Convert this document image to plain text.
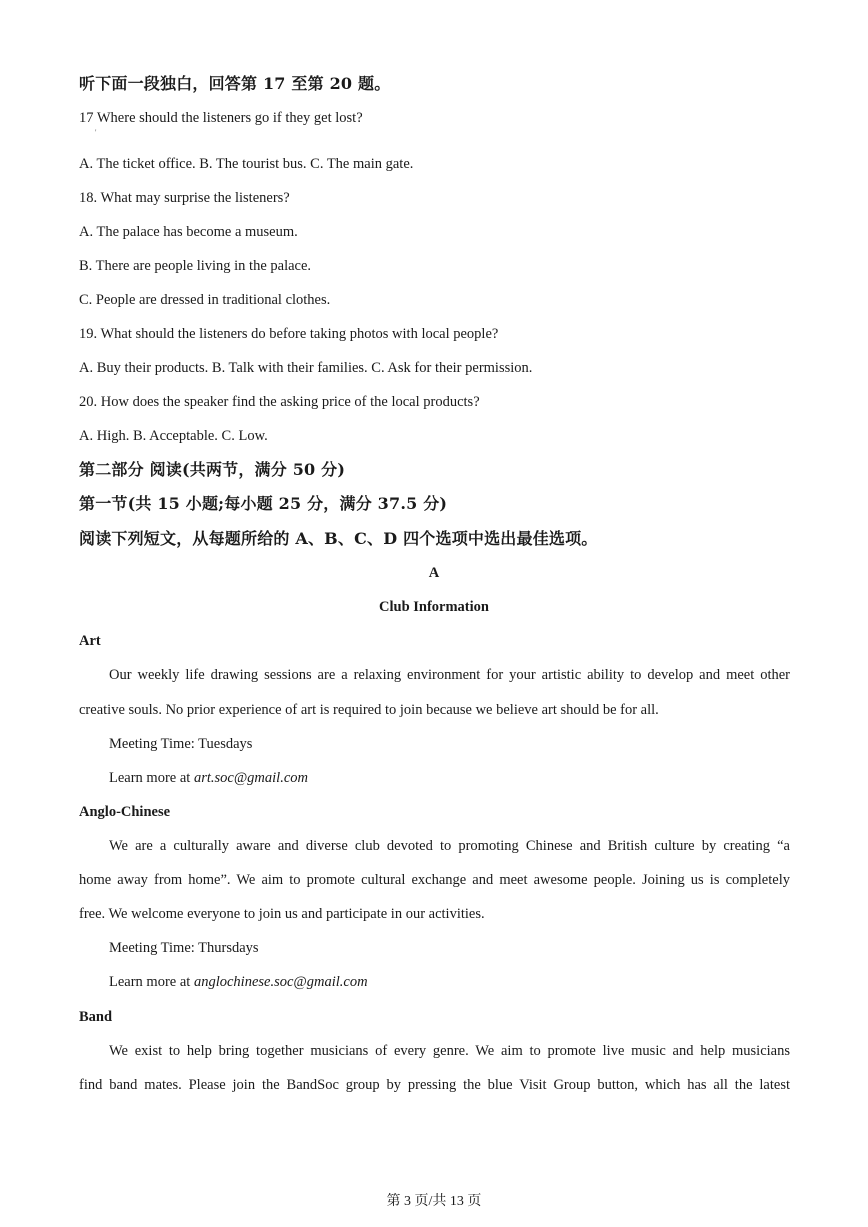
听下面一段独白，回答第 17 至第 20 题。
17 Where should the listeners go if they get lost?
'
A. The ticket office. B. The tourist bus. C. The main gate.
18. What may surprise the listeners?
A. The palace has become a museum.
B. There are people living in the palace.
C. People are dressed in traditional clothes.
19. What should the listeners do before taking photos with local people?
A. Buy their products. B. Talk with their families. C. Ask for their permission.
20. How does the speaker find the asking price of the local products?
A. High. B. Acceptable. C. Low.
第二部分 阅读(共两节，满分 50 分)
第一节(共 15 小题;每小题 25 分，满分 37.5 分)
阅读下列短文，从每题所给的 A、B、C、D 四个选项中选出最佳选项。
A
Club Information
Art
Our weekly life drawing sessions are a relaxing environment for your artistic ability to develop and meet other
creative souls. No prior experience of art is required to join because we believe art should be for all.
Meeting Time: Tuesdays
Learn more at art.soc@gmail.com
Anglo-Chinese
We are a culturally aware and diverse club devoted to promoting Chinese and British culture by creating “a
home away from home”. We aim to promote cultural exchange and meet awesome people. Joining us is completely
free. We welcome everyone to join us and participate in our activities.
Meeting Time: Thursdays
Learn more at anglochinese.soc@gmail.com
Band
We exist to help bring together musicians of every genre. We aim to promote live music and help musicians
find band mates. Please join the BandSoc group by pressing the blue Visit Group button, which has all the latest
第 3 页/共 13 页
